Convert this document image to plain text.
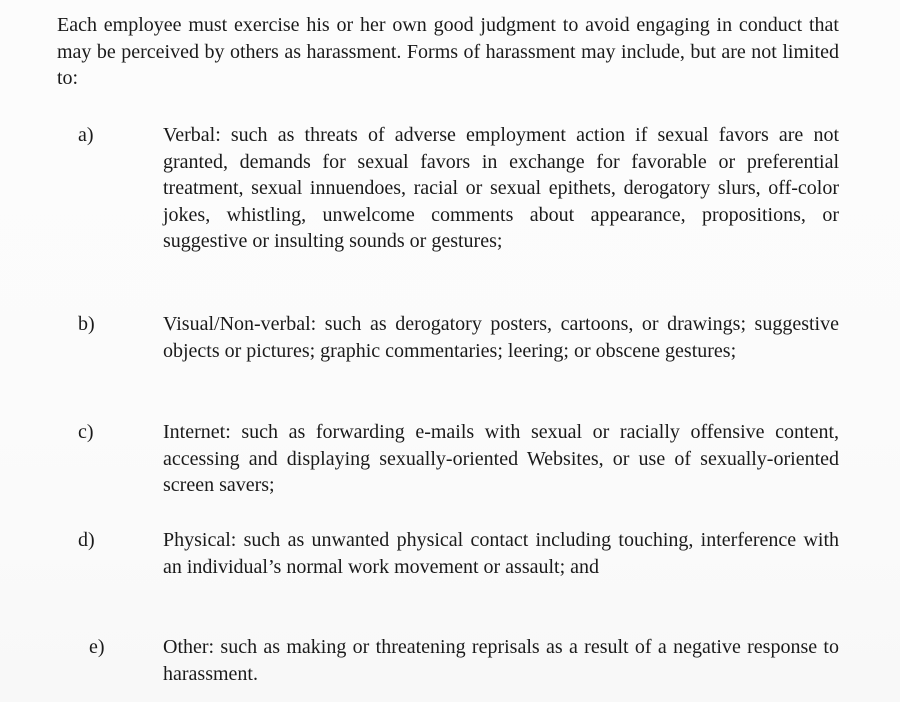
Each employee must exercise his or her own good judgment to avoid engaging in conduct that may be perceived by others as harassment. Forms of harassment may include, but are not limited to:

a)	Verbal: such as threats of adverse employment action if sexual favors are not granted, demands for sexual favors in exchange for favorable or preferential treatment, sexual innuendoes, racial or sexual epithets, derogatory slurs, off-color jokes, whistling, unwelcome comments about appearance, propositions, or suggestive or insulting sounds or gestures;

b)	Visual/Non-verbal: such as derogatory posters, cartoons, or drawings; suggestive objects or pictures; graphic commentaries; leering; or obscene gestures;

c)	Internet: such as forwarding e-mails with sexual or racially offensive content, accessing and displaying sexually-oriented Websites, or use of sexually-oriented screen savers;

d)	Physical: such as unwanted physical contact including touching, interference with an individual’s normal work movement or assault; and

e)	Other: such as making or threatening reprisals as a result of a negative response to harassment.
